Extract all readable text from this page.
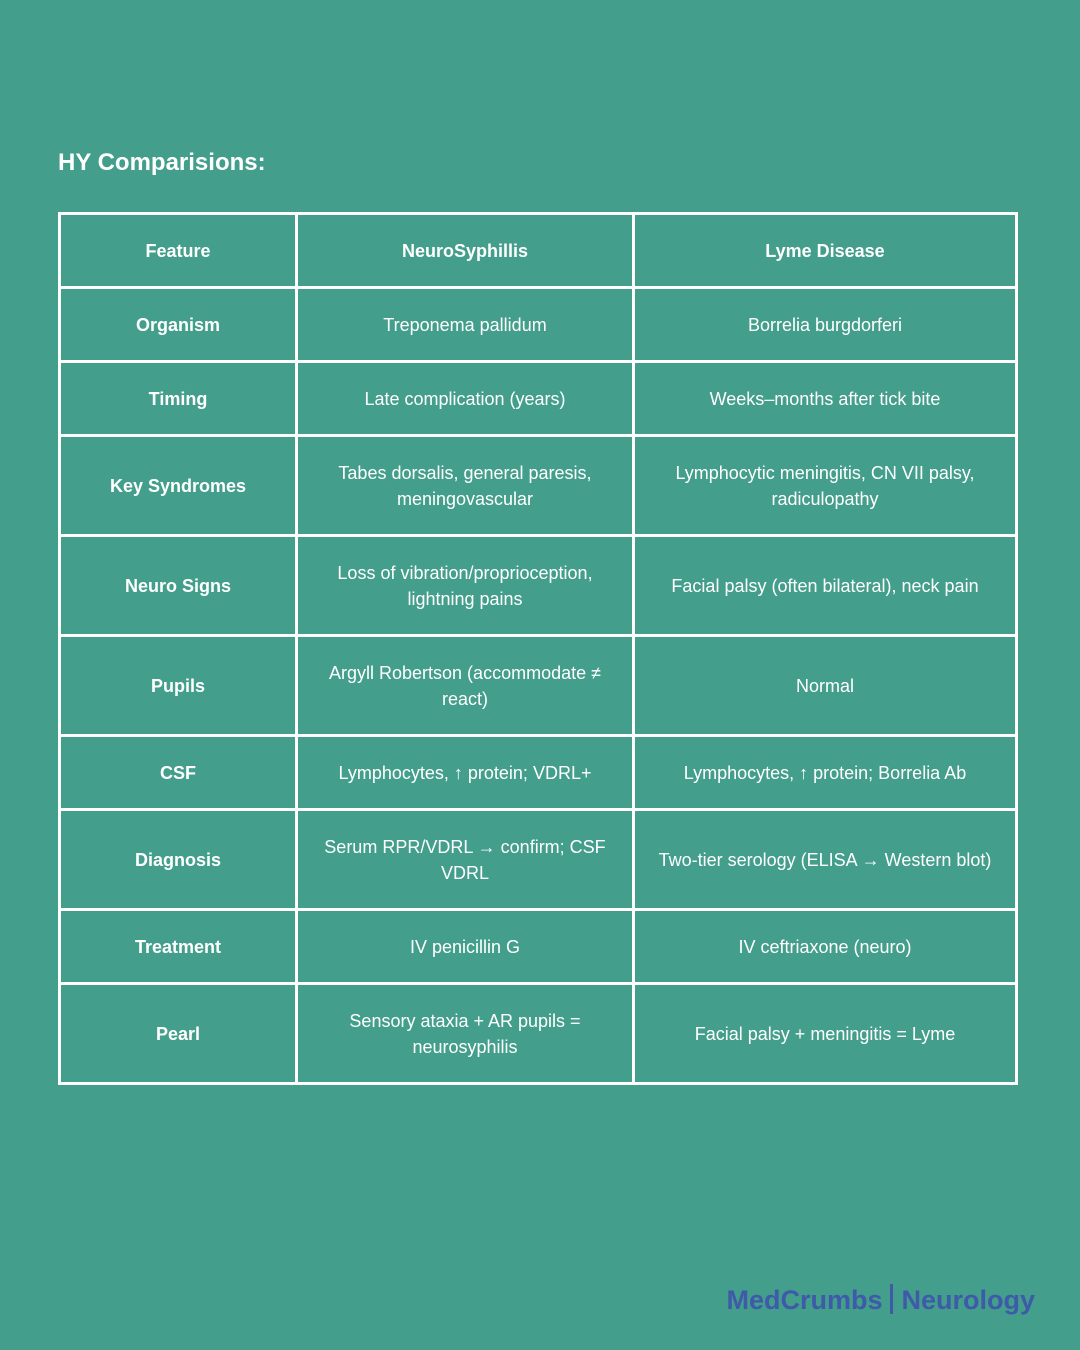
HY Comparisions:
Feature	NeuroSyphillis	Lyme Disease
Organism	Treponema pallidum	Borrelia burgdorferi
Timing	Late complication (years)	Weeks–months after tick bite
Key Syndromes	Tabes dorsalis, general paresis, meningovascular	Lymphocytic meningitis, CN VII palsy, radiculopathy
Neuro Signs	Loss of vibration/proprioception, lightning pains	Facial palsy (often bilateral), neck pain
Pupils	Argyll Robertson (accommodate ≠ react)	Normal
CSF	Lymphocytes, ↑ protein; VDRL+	Lymphocytes, ↑ protein; Borrelia Ab
Diagnosis	Serum RPR/VDRL → confirm; CSF VDRL	Two-tier serology (ELISA → Western blot)
Treatment	IV penicillin G	IV ceftriaxone (neuro)
Pearl	Sensory ataxia + AR pupils = neurosyphilis	Facial palsy + meningitis = Lyme
MedCrumbs Neurology
